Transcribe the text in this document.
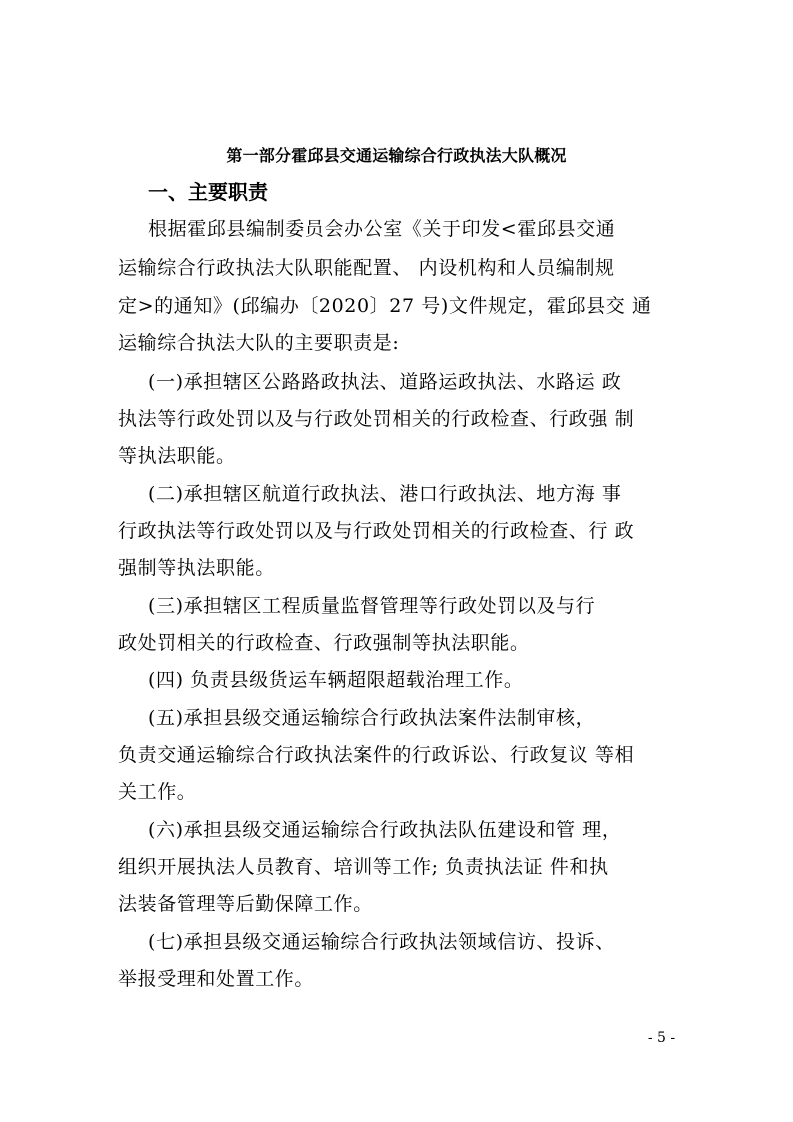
第一部分霍邱县交通运输综合行政执法大队概况
一、主要职责
根据霍邱县编制委员会办公室《关于印发<霍邱县交通
运输综合行政执法大队职能配置、 内设机构和人员编制规
定>的通知》(邱编办〔2020〕27 号)文件规定，霍邱县交 通
运输综合执法大队的主要职责是:
(一)承担辖区公路路政执法、道路运政执法、水路运 政
执法等行政处罚以及与行政处罚相关的行政检查、行政强 制
等执法职能。
(二)承担辖区航道行政执法、港口行政执法、地方海 事
行政执法等行政处罚以及与行政处罚相关的行政检查、行 政
强制等执法职能。
(三)承担辖区工程质量监督管理等行政处罚以及与行
政处罚相关的行政检查、行政强制等执法职能。
(四) 负责县级货运车辆超限超载治理工作。
(五)承担县级交通运输综合行政执法案件法制审核，
负责交通运输综合行政执法案件的行政诉讼、行政复议 等相
关工作。
(六)承担县级交通运输综合行政执法队伍建设和管 理，
组织开展执法人员教育、培训等工作; 负责执法证 件和执
法装备管理等后勤保障工作。
(七)承担县级交通运输综合行政执法领域信访、投诉、
举报受理和处置工作。
- 5 -
